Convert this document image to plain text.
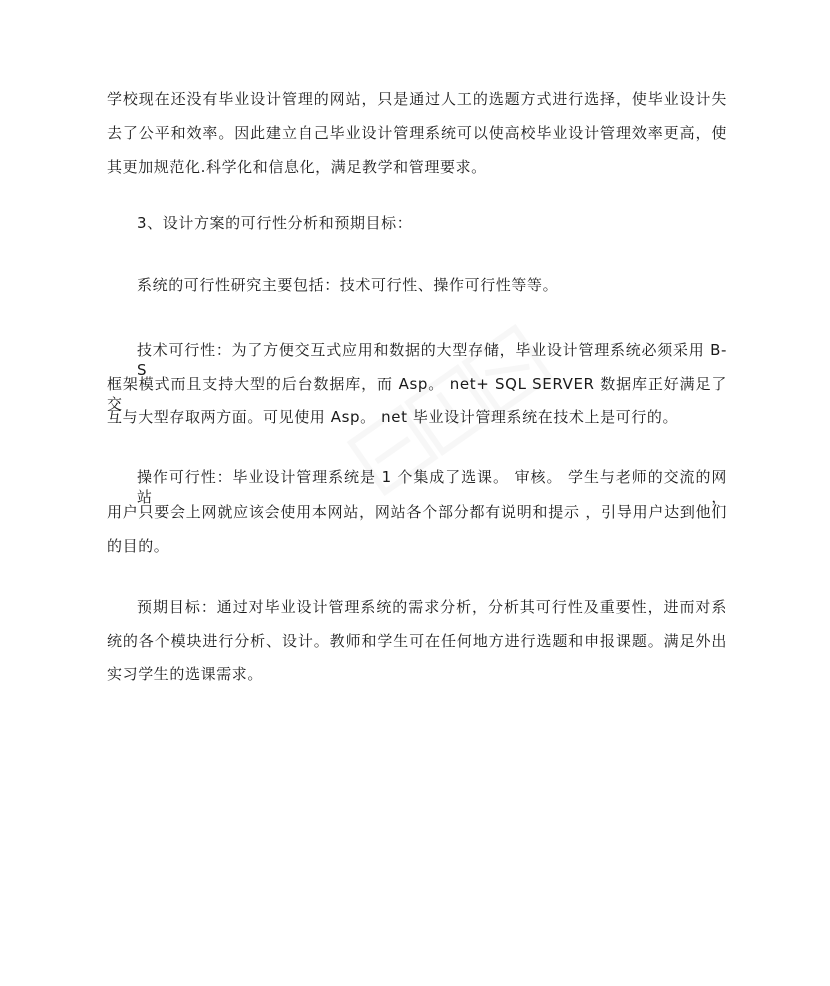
学校现在还没有毕业设计管理的网站，只是通过人工的选题方式进行选择，使毕业设计失
去了公平和效率。因此建立自己毕业设计管理系统可以使高校毕业设计管理效率更高，使
其更加规范化.科学化和信息化，满足教学和管理要求。
3、设计方案的可行性分析和预期目标：
系统的可行性研究主要包括：技术可行性、操作可行性等等。
技术可行性：为了方便交互式应用和数据的大型存储，毕业设计管理系统必须采用 B-S
框架模式而且支持大型的后台数据库，而 Asp。 net+ SQL SERVER 数据库正好满足了交
互与大型存取两方面。可见使用 Asp。 net 毕业设计管理系统在技术上是可行的。
操作可行性：毕业设计管理系统是 1 个集成了选课。 审核。 学生与老师的交流的网站，
用户只要会上网就应该会使用本网站，网站各个部分都有说明和提示 ，引导用户达到他们
的目的。
预期目标：通过对毕业设计管理系统的需求分析，分析其可行性及重要性，进而对系
统的各个模块进行分析、设计。教师和学生可在任何地方进行选题和申报课题。满足外出
实习学生的选课需求。
